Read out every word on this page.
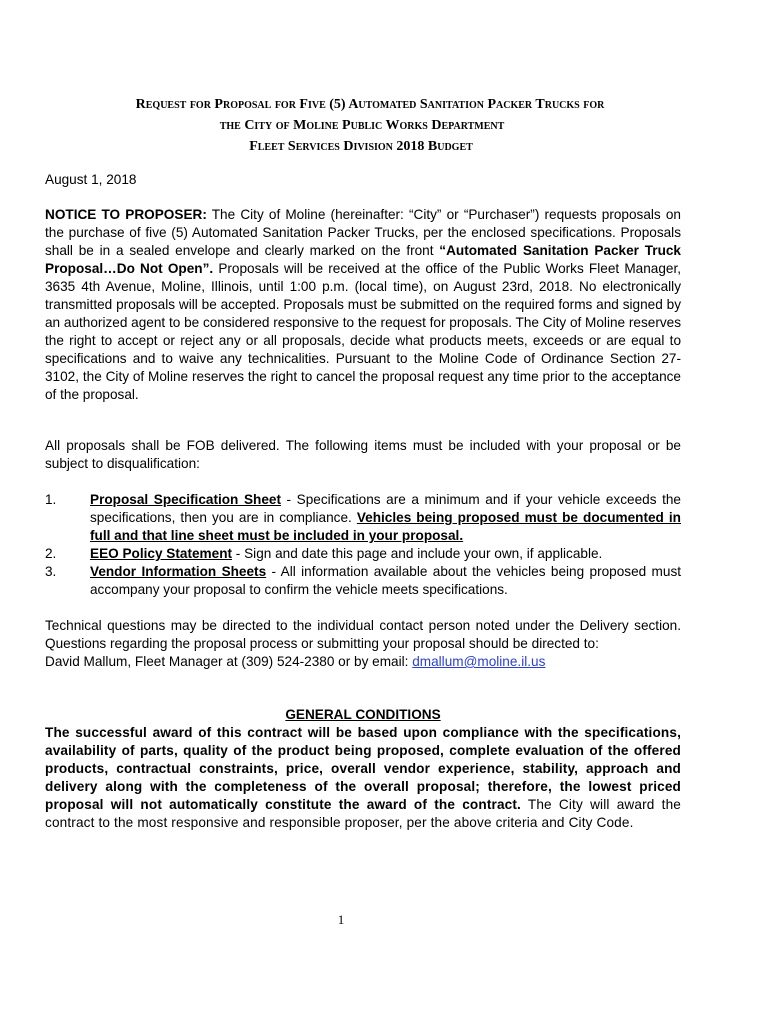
Request for Proposal for Five (5) Automated Sanitation Packer Trucks for
the City of Moline Public Works Department
Fleet Services Division 2018 Budget
August 1, 2018

NOTICE TO PROPOSER: The City of Moline (hereinafter: “City” or “Purchaser”) requests proposals on the purchase of five (5) Automated Sanitation Packer Trucks, per the enclosed specifications. Proposals shall be in a sealed envelope and clearly marked on the front “Automated Sanitation Packer Truck Proposal…Do Not Open”. Proposals will be received at the office of the Public Works Fleet Manager, 3635 4th Avenue, Moline, Illinois, until 1:00 p.m. (local time), on August 23rd, 2018. No electronically transmitted proposals will be accepted. Proposals must be submitted on the required forms and signed by an authorized agent to be considered responsive to the request for proposals. The City of Moline reserves the right to accept or reject any or all proposals, decide what products meets, exceeds or are equal to specifications and to waive any technicalities. Pursuant to the Moline Code of Ordinance Section 27-3102, the City of Moline reserves the right to cancel the proposal request any time prior to the acceptance of the proposal.

All proposals shall be FOB delivered. The following items must be included with your proposal or be subject to disqualification:

1. Proposal Specification Sheet - Specifications are a minimum and if your vehicle exceeds the specifications, then you are in compliance. Vehicles being proposed must be documented in full and that line sheet must be included in your proposal.
2. EEO Policy Statement - Sign and date this page and include your own, if applicable.
3. Vendor Information Sheets - All information available about the vehicles being proposed must accompany your proposal to confirm the vehicle meets specifications.

Technical questions may be directed to the individual contact person noted under the Delivery section. Questions regarding the proposal process or submitting your proposal should be directed to:

David Mallum, Fleet Manager at (309) 524-2380 or by email: dmallum@moline.il.us
GENERAL CONDITIONS

The successful award of this contract will be based upon compliance with the specifications, availability of parts, quality of the product being proposed, complete evaluation of the offered products, contractual constraints, price, overall vendor experience, stability, approach and delivery along with the completeness of the overall proposal; therefore, the lowest priced proposal will not automatically constitute the award of the contract. The City will award the contract to the most responsive and responsible proposer, per the above criteria and City Code.

1
